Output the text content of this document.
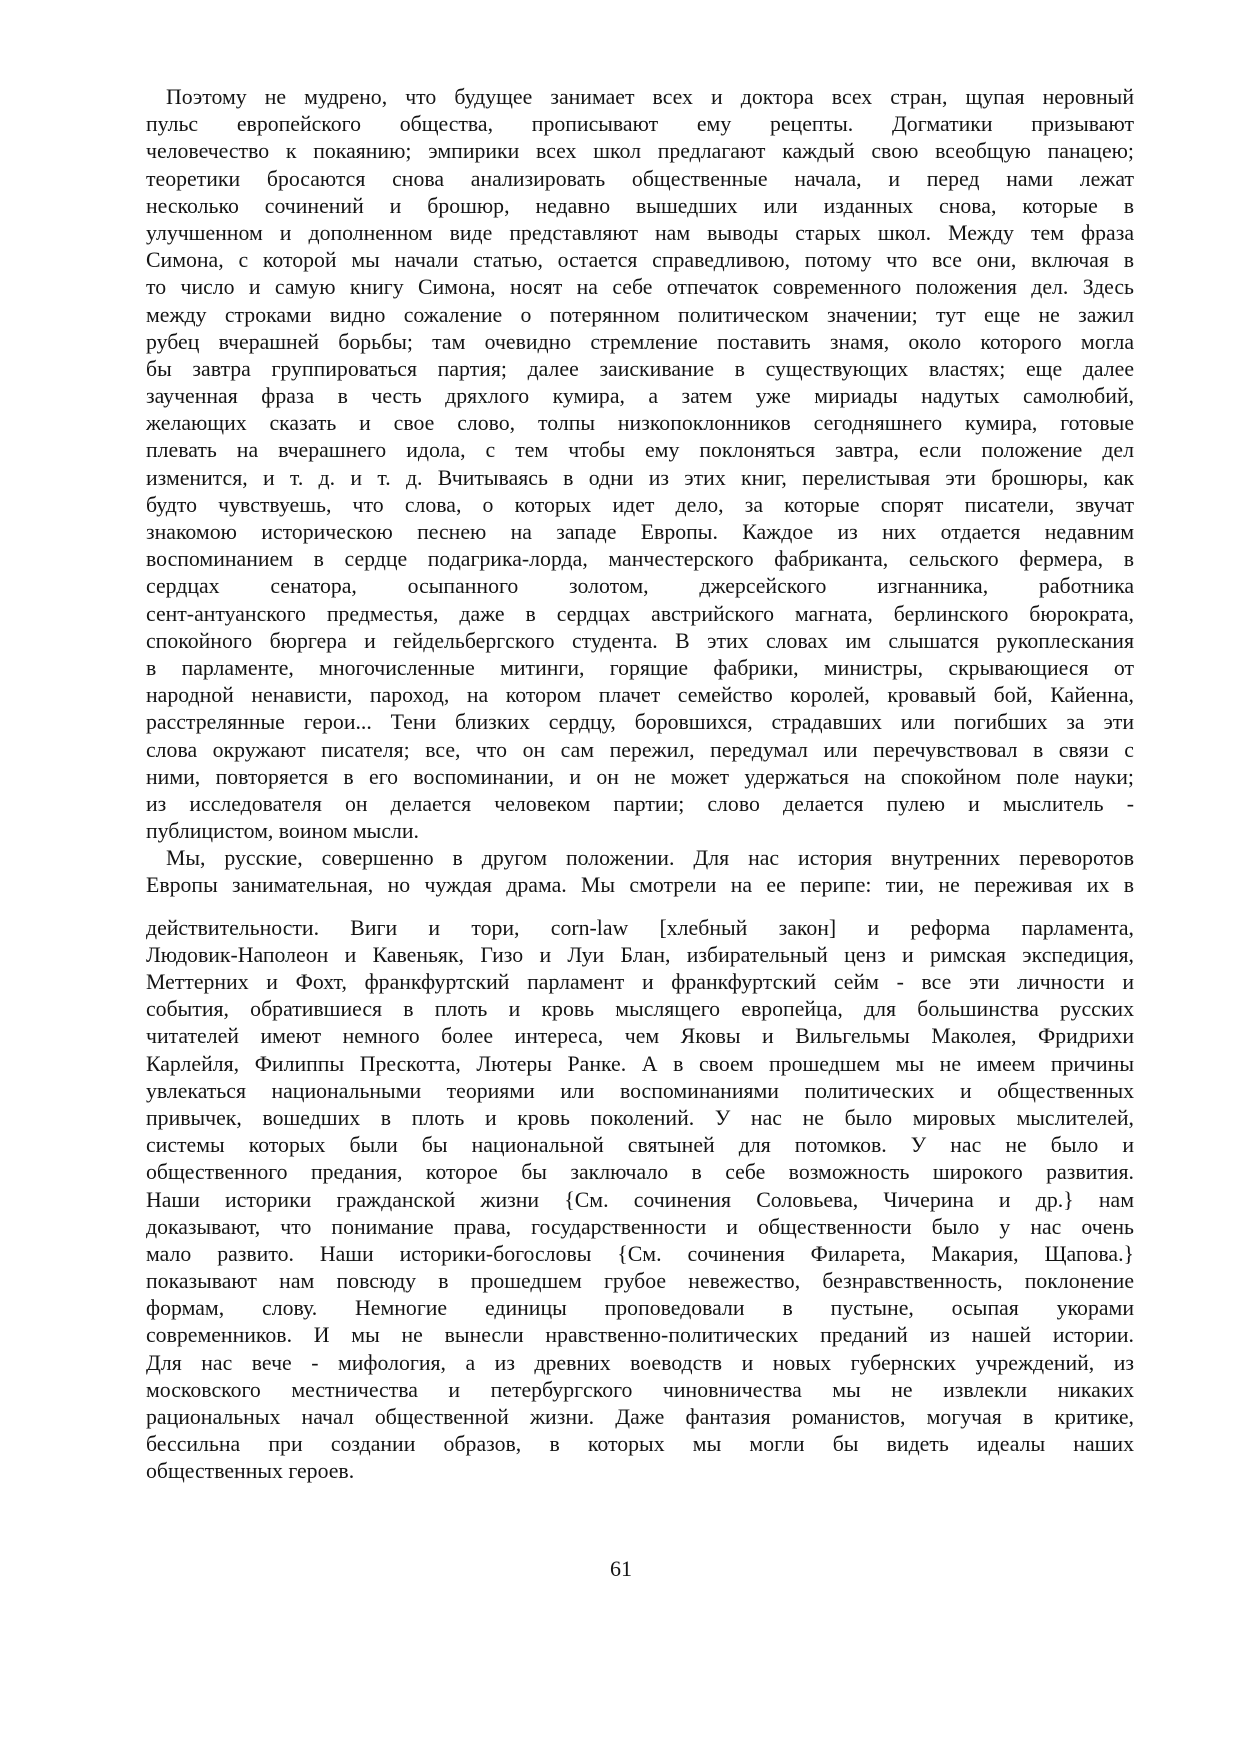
Поэтому не мудрено, что будущее занимает всех и доктора всех стран, щупая неровный
пульс европейского общества, прописывают ему рецепты. Догматики призывают
человечество к покаянию; эмпирики всех школ предлагают каждый свою всеобщую панацею;
теоретики бросаются снова анализировать общественные начала, и перед нами лежат
несколько сочинений и брошюр, недавно вышедших или изданных снова, которые в
улучшенном и дополненном виде представляют нам выводы старых школ. Между тем фраза
Симона, с которой мы начали статью, остается справедливою, потому что все они, включая в
то число и самую книгу Симона, носят на себе отпечаток современного положения дел. Здесь
между строками видно сожаление о потерянном политическом значении; тут еще не зажил
рубец вчерашней борьбы; там очевидно стремление поставить знамя, около которого могла
бы завтра группироваться партия; далее заискивание в существующих властях; еще далее
заученная фраза в честь дряхлого кумира, а затем уже мириады надутых самолюбий,
желающих сказать и свое слово, толпы низкопоклонников сегодняшнего кумира, готовые
плевать на вчерашнего идола, с тем чтобы ему поклоняться завтра, если положение дел
изменится, и т. д. и т. д. Вчитываясь в одни из этих книг, перелистывая эти брошюры, как
будто чувствуешь, что слова, о которых идет дело, за которые спорят писатели, звучат
знакомою историческою песнею на западе Европы. Каждое из них отдается недавним
воспоминанием в сердце подагрика-лорда, манчестерского фабриканта, сельского фермера, в
сердцах сенатора, осыпанного золотом, джерсейского изгнанника, работника
сент-антуанского предместья, даже в сердцах австрийского магната, берлинского бюрократа,
спокойного бюргера и гейдельбергского студента. В этих словах им слышатся рукоплескания
в парламенте, многочисленные митинги, горящие фабрики, министры, скрывающиеся от
народной ненависти, пароход, на котором плачет семейство королей, кровавый бой, Кайенна,
расстрелянные герои... Тени близких сердцу, боровшихся, страдавших или погибших за эти
слова окружают писателя; все, что он сам пережил, передумал или перечувствовал в связи с
ними, повторяется в его воспоминании, и он не может удержаться на спокойном поле науки;
из исследователя он делается человеком партии; слово делается пулею и мыслитель -
публицистом, воином мысли.
Мы, русские, совершенно в другом положении. Для нас история внутренних переворотов
Европы занимательная, но чуждая драма. Мы смотрели на ее перипе: тии, не переживая их в
действительности. Виги и тори, corn-law [хлебный закон] и реформа парламента,
Людовик-Наполеон и Кавеньяк, Гизо и Луи Блан, избирательный ценз и римская экспедиция,
Меттерних и Фохт, франкфуртский парламент и франкфуртский сейм - все эти личности и
события, обратившиеся в плоть и кровь мыслящего европейца, для большинства русских
читателей имеют немного более интереса, чем Яковы и Вильгельмы Маколея, Фридрихи
Карлейля, Филиппы Прескотта, Лютеры Ранке. А в своем прошедшем мы не имеем причины
увлекаться национальными теориями или воспоминаниями политических и общественных
привычек, вошедших в плоть и кровь поколений. У нас не было мировых мыслителей,
системы которых были бы национальной святыней для потомков. У нас не было и
общественного предания, которое бы заключало в себе возможность широкого развития.
Наши историки гражданской жизни {См. сочинения Соловьева, Чичерина и др.} нам
доказывают, что понимание права, государственности и общественности было у нас очень
мало развито. Наши историки-богословы {См. сочинения Филарета, Макария, Щапова.}
показывают нам повсюду в прошедшем грубое невежество, безнравственность, поклонение
формам, слову. Немногие единицы проповедовали в пустыне, осыпая укорами
современников. И мы не вынесли нравственно-политических преданий из нашей истории.
Для нас вече - мифология, а из древних воеводств и новых губернских учреждений, из
московского местничества и петербургского чиновничества мы не извлекли никаких
рациональных начал общественной жизни. Даже фантазия романистов, могучая в критике,
бессильна при создании образов, в которых мы могли бы видеть идеалы наших
общественных героев.
61
